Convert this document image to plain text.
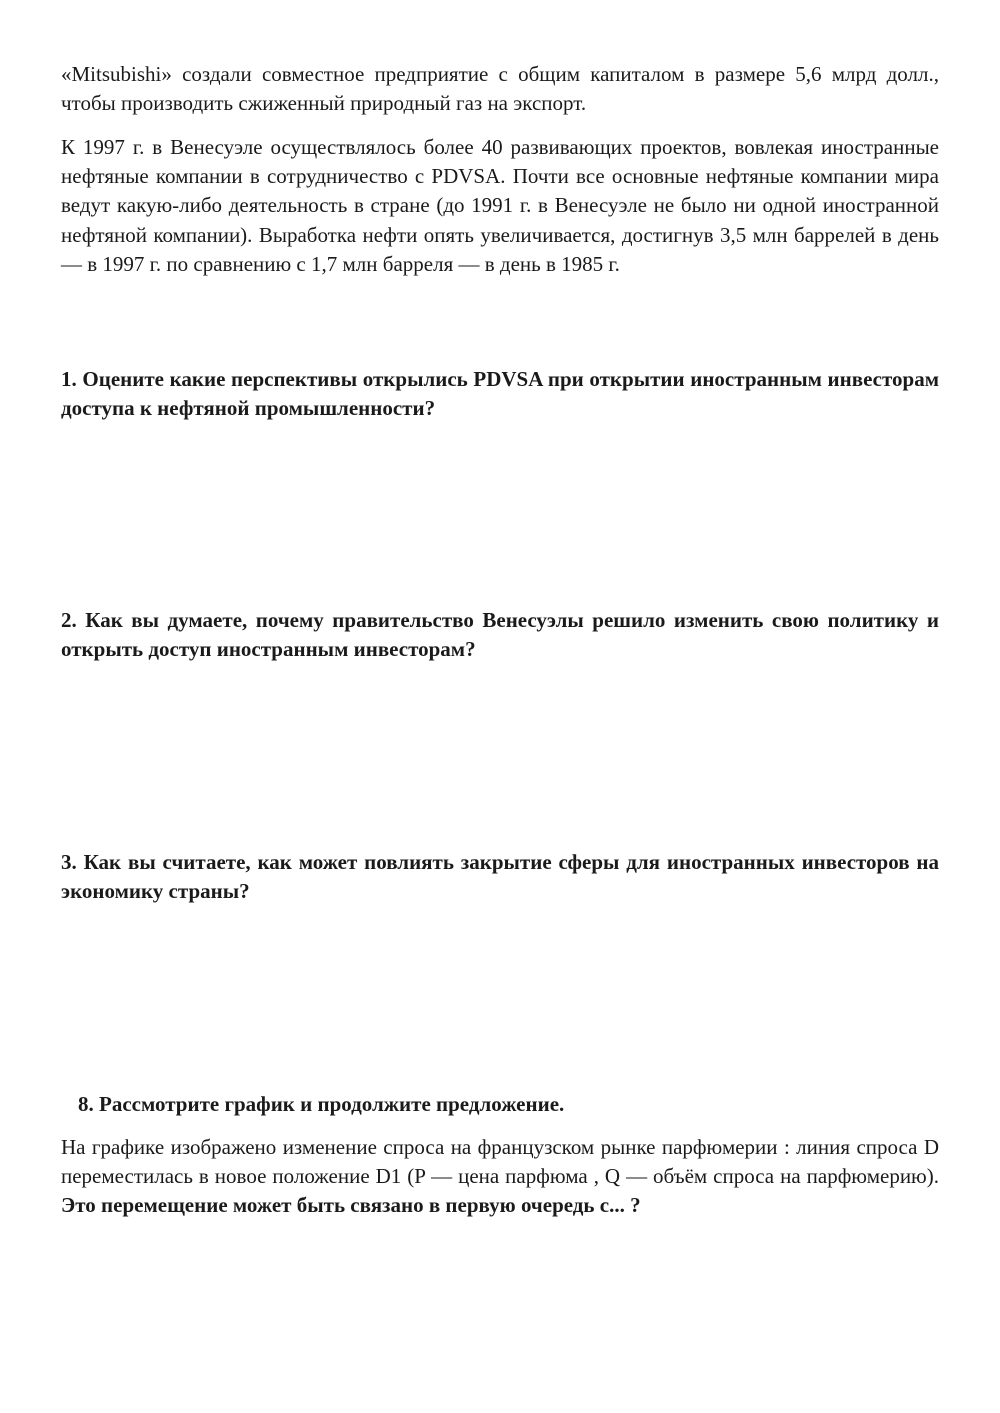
«Mitsubishi» создали совместное предприятие с общим капиталом в размере 5,6 млрд долл., чтобы производить сжиженный природный газ на экспорт.

К 1997 г. в Венесуэле осуществлялось более 40 развивающих проектов, вовлекая иностранные нефтяные компании в сотрудничество с PDVSA. Почти все основные нефтяные компании мира ведут какую-либо деятельность в стране (до 1991 г. в Венесуэле не было ни одной иностранной нефтяной компании). Выработка нефти опять увеличивается, достигнув 3,5 млн баррелей в день — в 1997 г. по сравнению с 1,7 млн барреля — в день в 1985 г.

1. Оцените какие перспективы открылись PDVSA при открытии иностранным инвесторам доступа к нефтяной промышленности?

2. Как вы думаете, почему правительство Венесуэлы решило изменить свою политику и открыть доступ иностранным инвесторам?

3. Как вы считаете, как может повлиять закрытие сферы для иностранных инвесторов на экономику страны?

8. Рассмотрите график и продолжите предложение.

На графике изображено изменение спроса на французском рынке парфюмерии : линия спроса D переместилась в новое положение D1 (P — цена парфюма , Q — объём спроса на парфюмерию). Это перемещение может быть связано в первую очередь с... ?
